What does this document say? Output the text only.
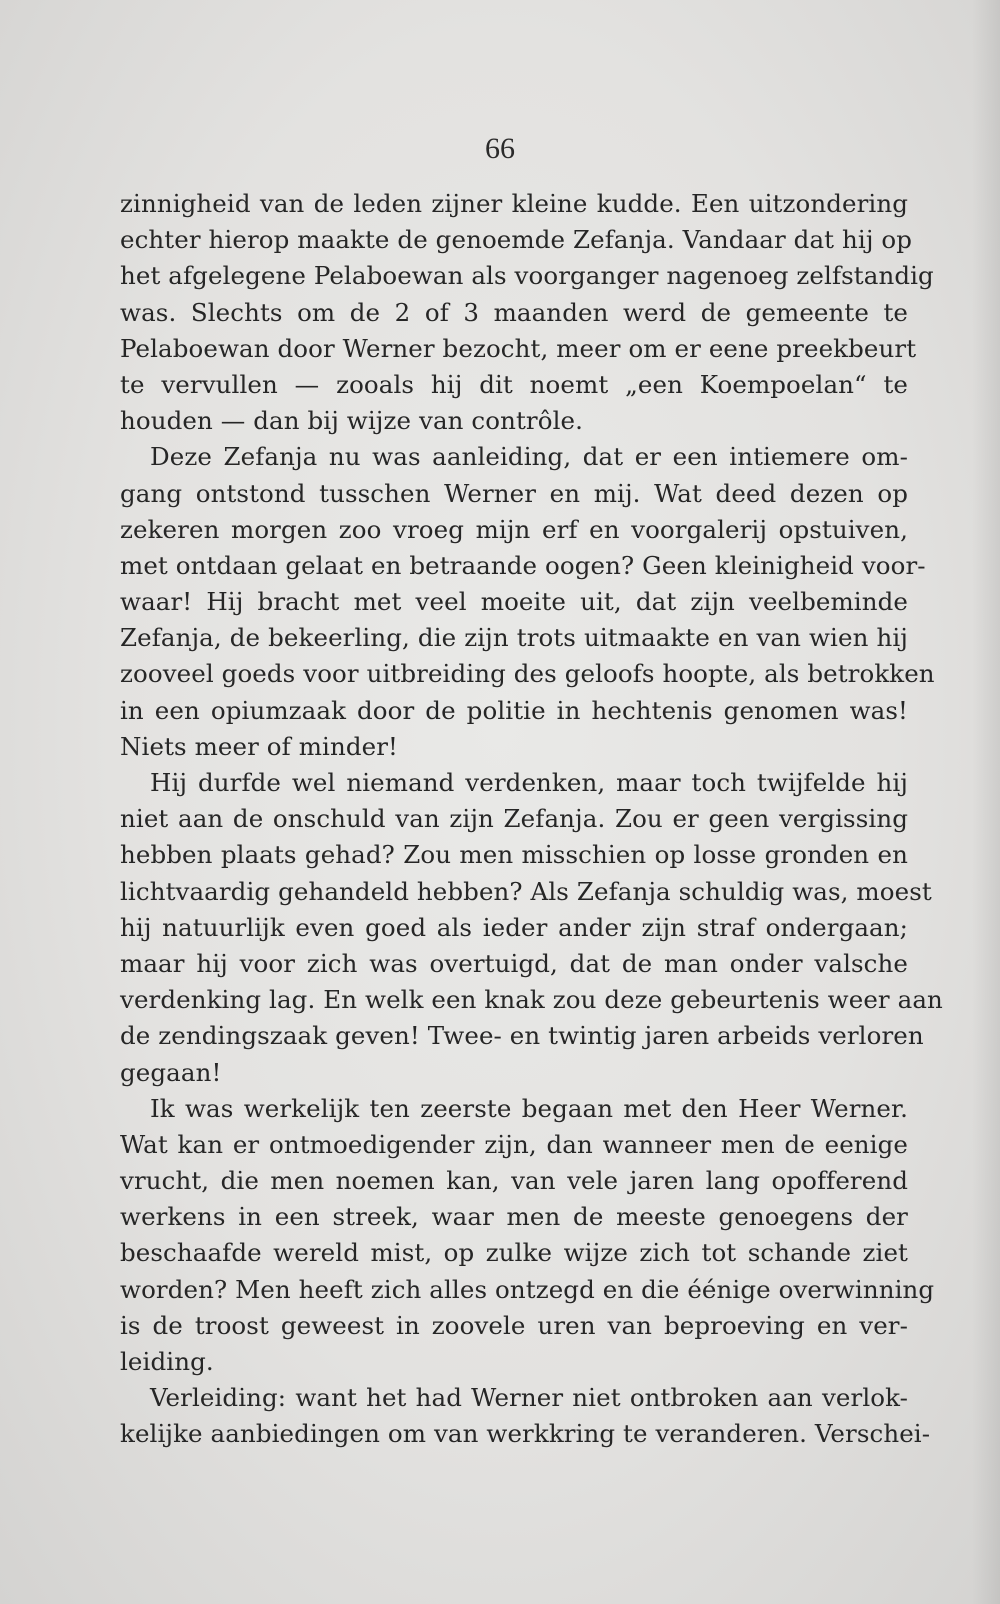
66
zinnigheid van de leden zijner kleine kudde. Een uitzondering
echter hierop maakte de genoemde Zefanja. Vandaar dat hij op
het afgelegene Pelaboewan als voorganger nagenoeg zelfstandig
was. Slechts om de 2 of 3 maanden werd de gemeente te
Pelaboewan door Werner bezocht, meer om er eene preekbeurt
te vervullen — zooals hij dit noemt „een Koempoelan“ te
houden — dan bij wijze van contrôle.
Deze Zefanja nu was aanleiding, dat er een intiemere om-
gang ontstond tusschen Werner en mij. Wat deed dezen op
zekeren morgen zoo vroeg mijn erf en voorgalerij opstuiven,
met ontdaan gelaat en betraande oogen? Geen kleinigheid voor-
waar! Hij bracht met veel moeite uit, dat zijn veelbeminde
Zefanja, de bekeerling, die zijn trots uitmaakte en van wien hij
zooveel goeds voor uitbreiding des geloofs hoopte, als betrokken
in een opiumzaak door de politie in hechtenis genomen was!
Niets meer of minder!
Hij durfde wel niemand verdenken, maar toch twijfelde hij
niet aan de onschuld van zijn Zefanja. Zou er geen vergissing
hebben plaats gehad? Zou men misschien op losse gronden en
lichtvaardig gehandeld hebben? Als Zefanja schuldig was, moest
hij natuurlijk even goed als ieder ander zijn straf ondergaan;
maar hij voor zich was overtuigd, dat de man onder valsche
verdenking lag. En welk een knak zou deze gebeurtenis weer aan
de zendingszaak geven! Twee- en twintig jaren arbeids verloren
gegaan!
Ik was werkelijk ten zeerste begaan met den Heer Werner.
Wat kan er ontmoedigender zijn, dan wanneer men de eenige
vrucht, die men noemen kan, van vele jaren lang opofferend
werkens in een streek, waar men de meeste genoegens der
beschaafde wereld mist, op zulke wijze zich tot schande ziet
worden? Men heeft zich alles ontzegd en die éénige overwinning
is de troost geweest in zoovele uren van beproeving en ver-
leiding.
Verleiding: want het had Werner niet ontbroken aan verlok-
kelijke aanbiedingen om van werkkring te veranderen. Verschei-
